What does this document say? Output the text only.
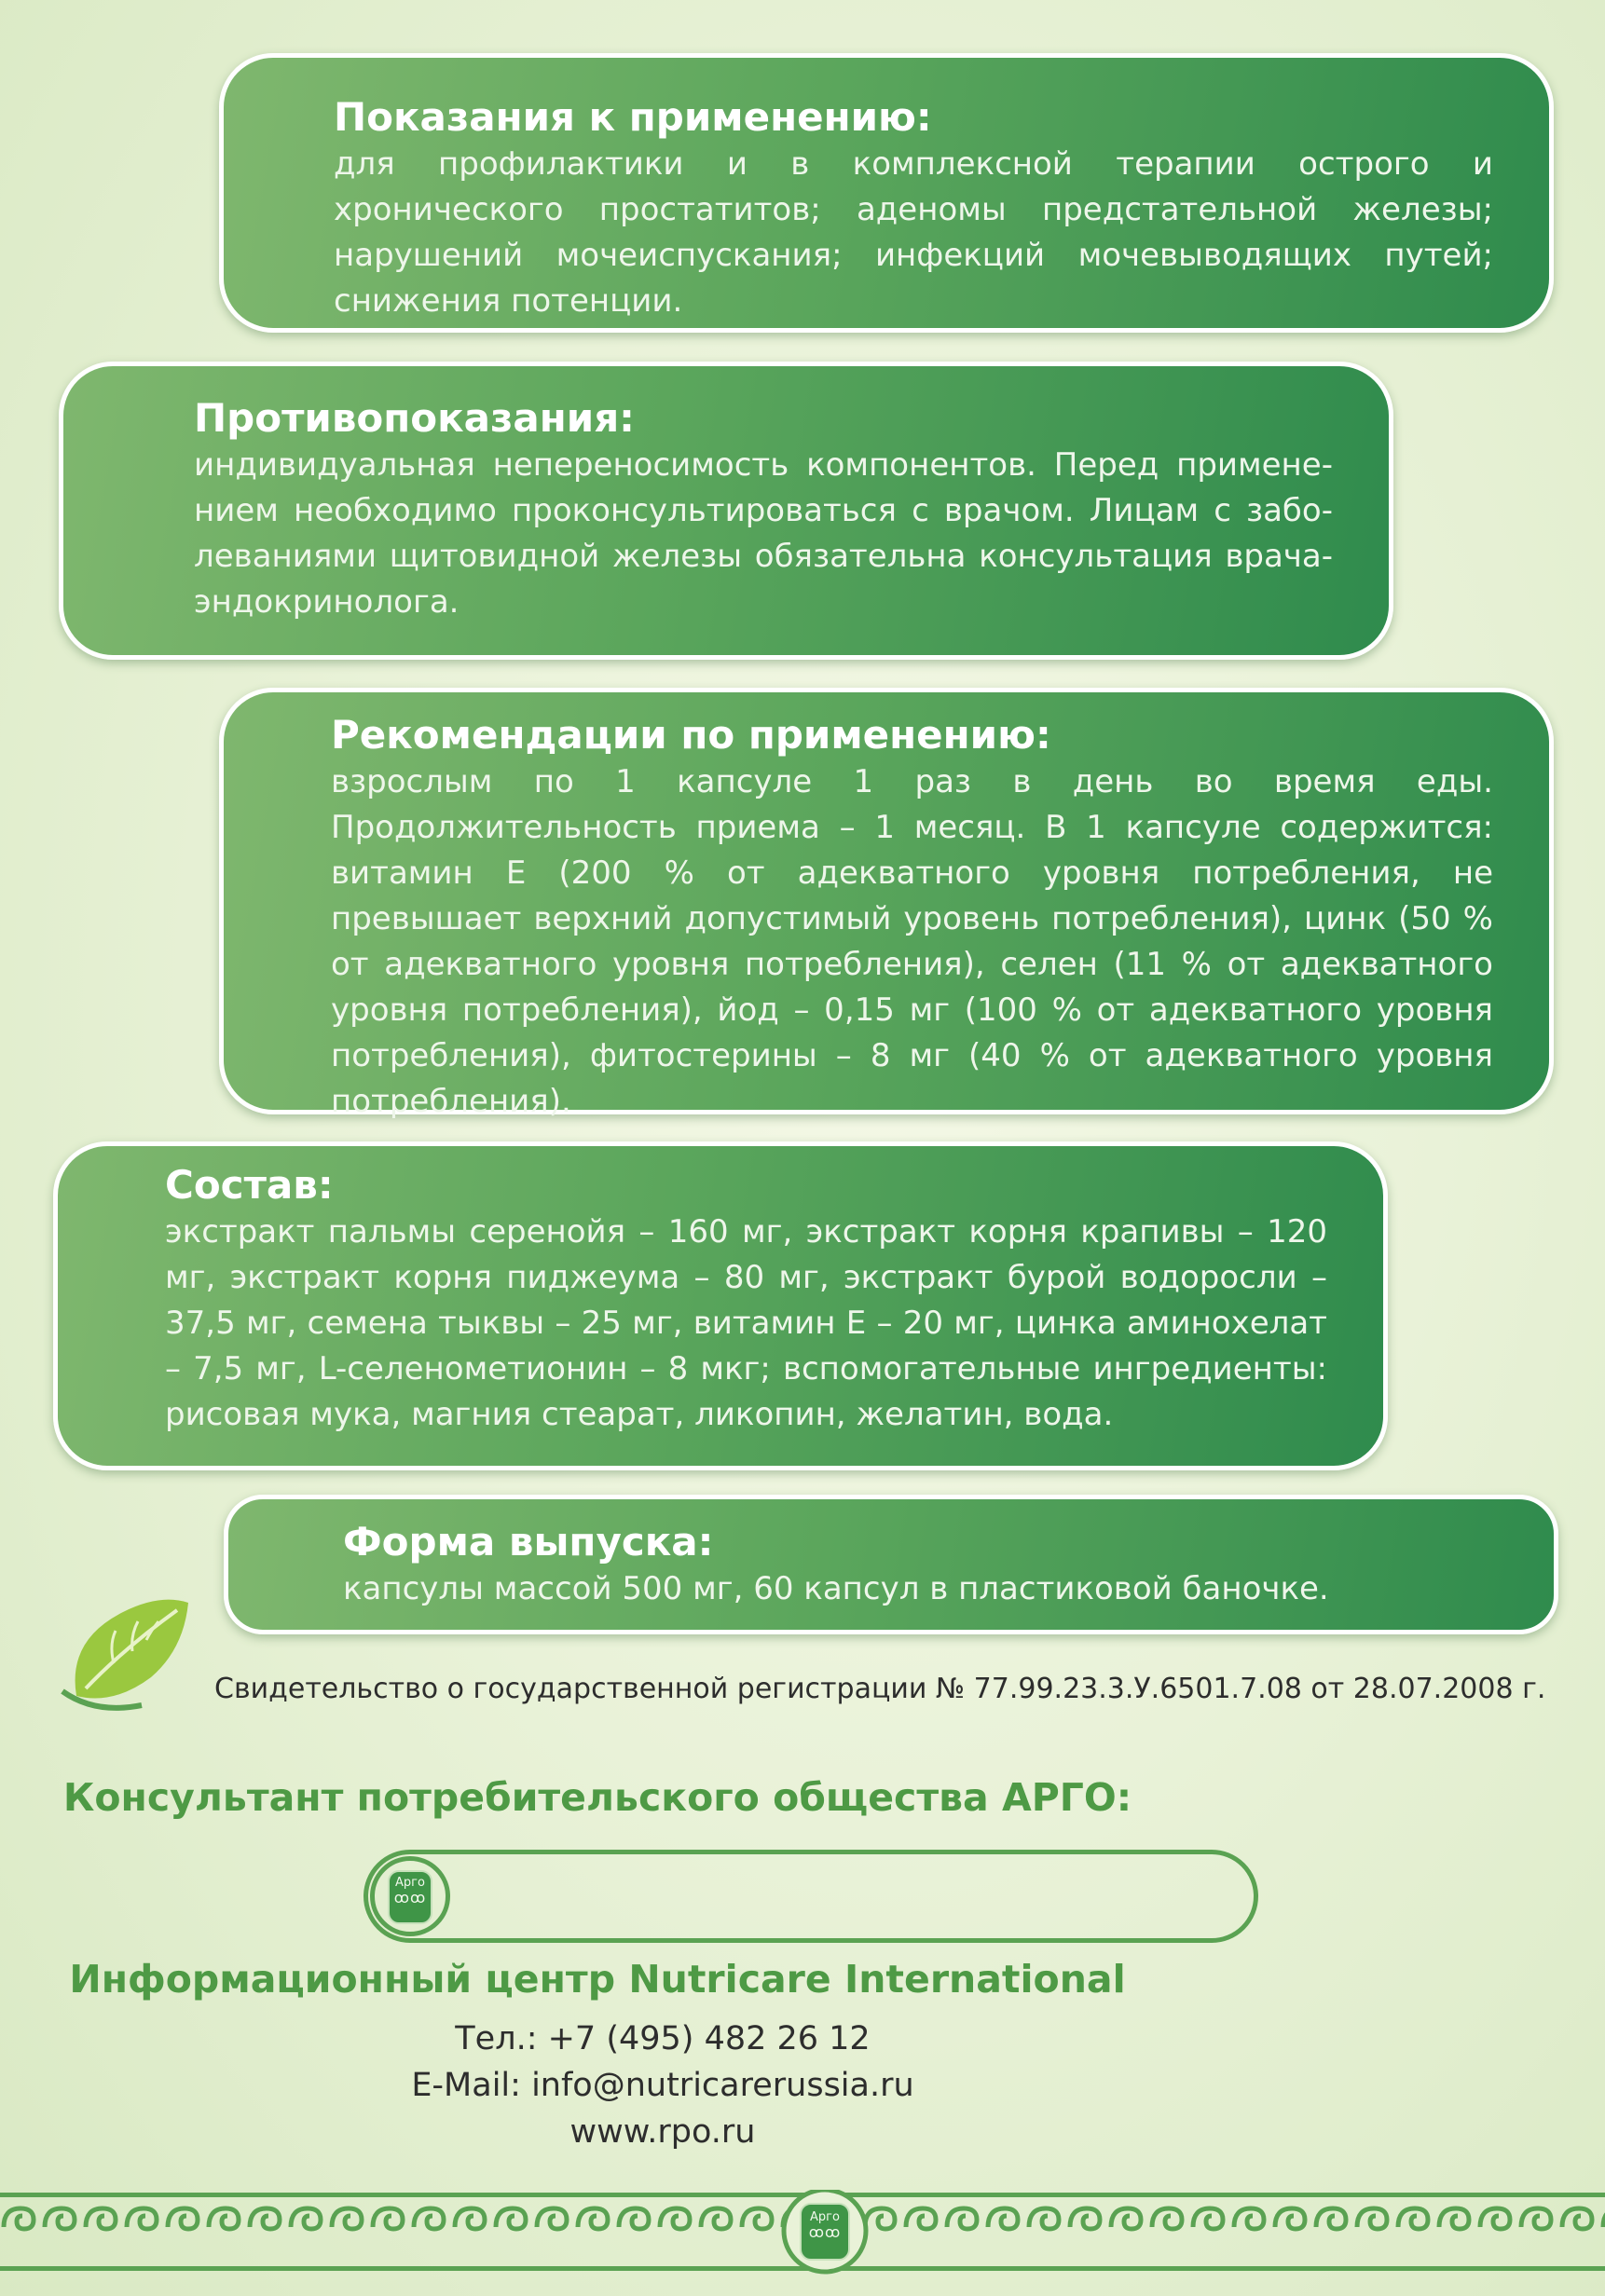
Показания к применению:

для профилактики и в комплексной терапии острого и хронического простатитов; аденомы предстательной железы; нарушений мочеиспускания; инфекций мочевыводящих путей; снижения потенции.

Противопоказания:

индивидуальная непереносимость компонентов. Перед применением необходимо проконсультироваться с врачом. Лицам с заболеваниями щитовидной железы обязательна консультация врача-эндокринолога.

Рекомендации по применению:

взрослым по 1 капсуле 1 раз в день во время еды. Продолжительность приема – 1 месяц. В 1 капсуле содержится: витамин Е (200 % от адекватного уровня потребления, не превышает верхний допустимый уровень потребления), цинк (50 % от адекватного уровня потребления), селен (11 % от адекватного уровня потребления), йод – 0,15 мг (100 % от адекватного уровня потребления), фитостерины – 8 мг (40 % от адекватного уровня потребления).

Состав:

экстракт пальмы серенойя – 160 мг, экстракт корня крапивы – 120 мг, экстракт корня пиджеума – 80 мг, экстракт бурой водоросли – 37,5 мг, семена тыквы – 25 мг, витамин Е – 20 мг, цинка аминохелат – 7,5 мг, L-селенометионин – 8 мкг; вспомогательные ингредиенты: рисовая мука, магния стеарат, ликопин, желатин, вода.

Форма выпуска:

капсулы массой 500 мг, 60 капсул в пластиковой баночке.

Свидетельство о государственной регистрации № 77.99.23.3.У.6501.7.08 от 28.07.2008 г.
Консультант потребительского общества АРГО:
Арго
ꝏꝏ
Информационный центр Nutricare International
Тел.: +7 (495) 482 26 12
E-Mail: info@nutricarerussia.ru
www.rpo.ru
Арго
ꝏꝏ
